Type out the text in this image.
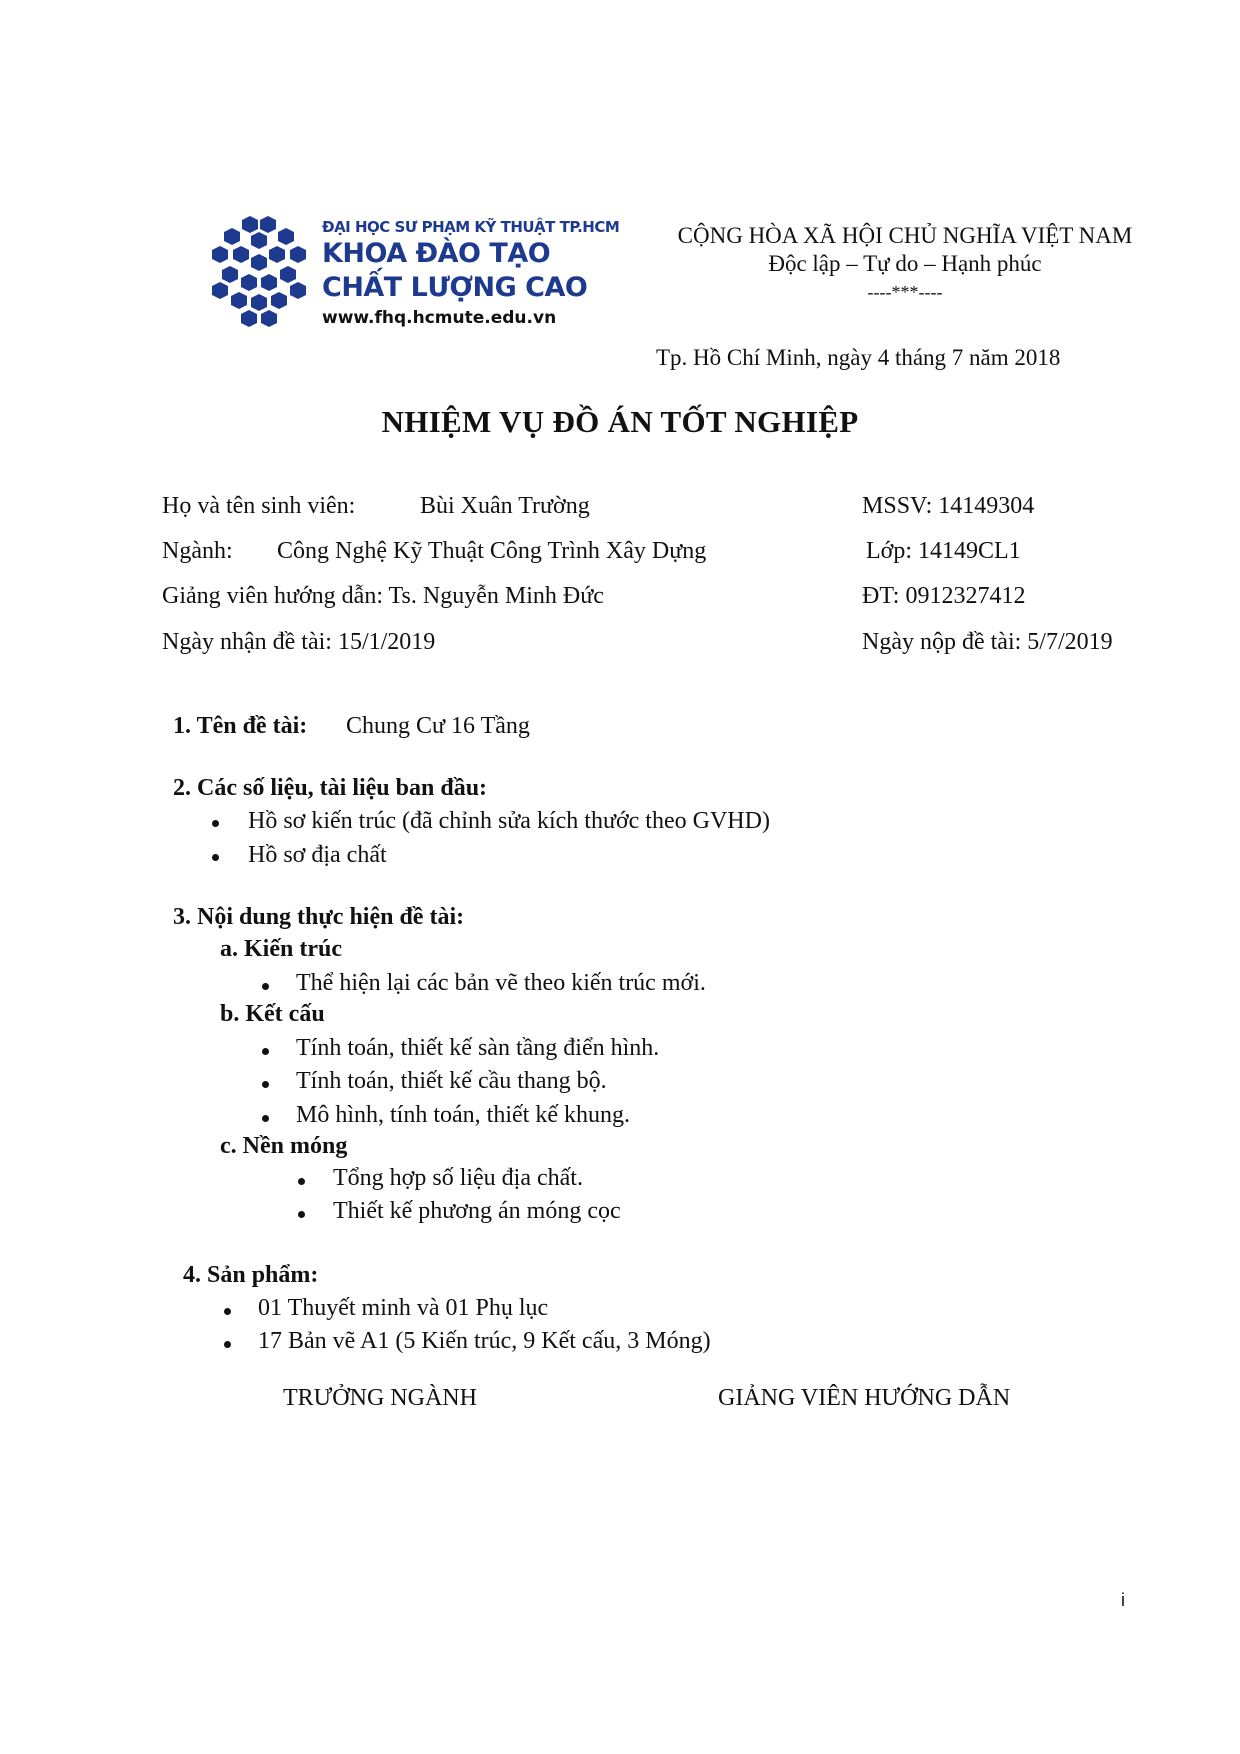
ĐẠI HỌC SƯ PHẠM KỸ THUẬT TP.HCM
KHOA ĐÀO TẠO
CHẤT LƯỢNG CAO
www.fhq.hcmute.edu.vn
CỘNG HÒA XÃ HỘI CHỦ NGHĨA VIỆT NAM
Độc lập – Tự do – Hạnh phúc
----***----
Tp. Hồ Chí Minh, ngày 4 tháng 7 năm 2018
NHIỆM VỤ ĐỒ ÁN TỐT NGHIỆP
Họ và tên sinh viên:	Bùi Xuân Trường	MSSV: 14149304
Ngành: Công Nghệ Kỹ Thuật Công Trình Xây Dựng	Lớp: 14149CL1
Giảng viên hướng dẫn: Ts. Nguyễn Minh Đức	ĐT: 0912327412
Ngày nhận đề tài: 15/1/2019	Ngày nộp đề tài: 5/7/2019
1. Tên đề tài: Chung Cư 16 Tầng
2. Các số liệu, tài liệu ban đầu:
Hồ sơ kiến trúc (đã chỉnh sửa kích thước theo GVHD)
Hồ sơ địa chất
3. Nội dung thực hiện đề tài:
a. Kiến trúc
Thể hiện lại các bản vẽ theo kiến trúc mới.
b. Kết cấu
Tính toán, thiết kế sàn tầng điển hình.
Tính toán, thiết kế cầu thang bộ.
Mô hình, tính toán, thiết kế khung.
c. Nền móng
Tổng hợp số liệu địa chất.
Thiết kế phương án móng cọc
4. Sản phẩm:
01 Thuyết minh và 01 Phụ lục
17 Bản vẽ A1 (5 Kiến trúc, 9 Kết cấu, 3 Móng)
TRƯỞNG NGÀNH	GIẢNG VIÊN HƯỚNG DẪN
i
